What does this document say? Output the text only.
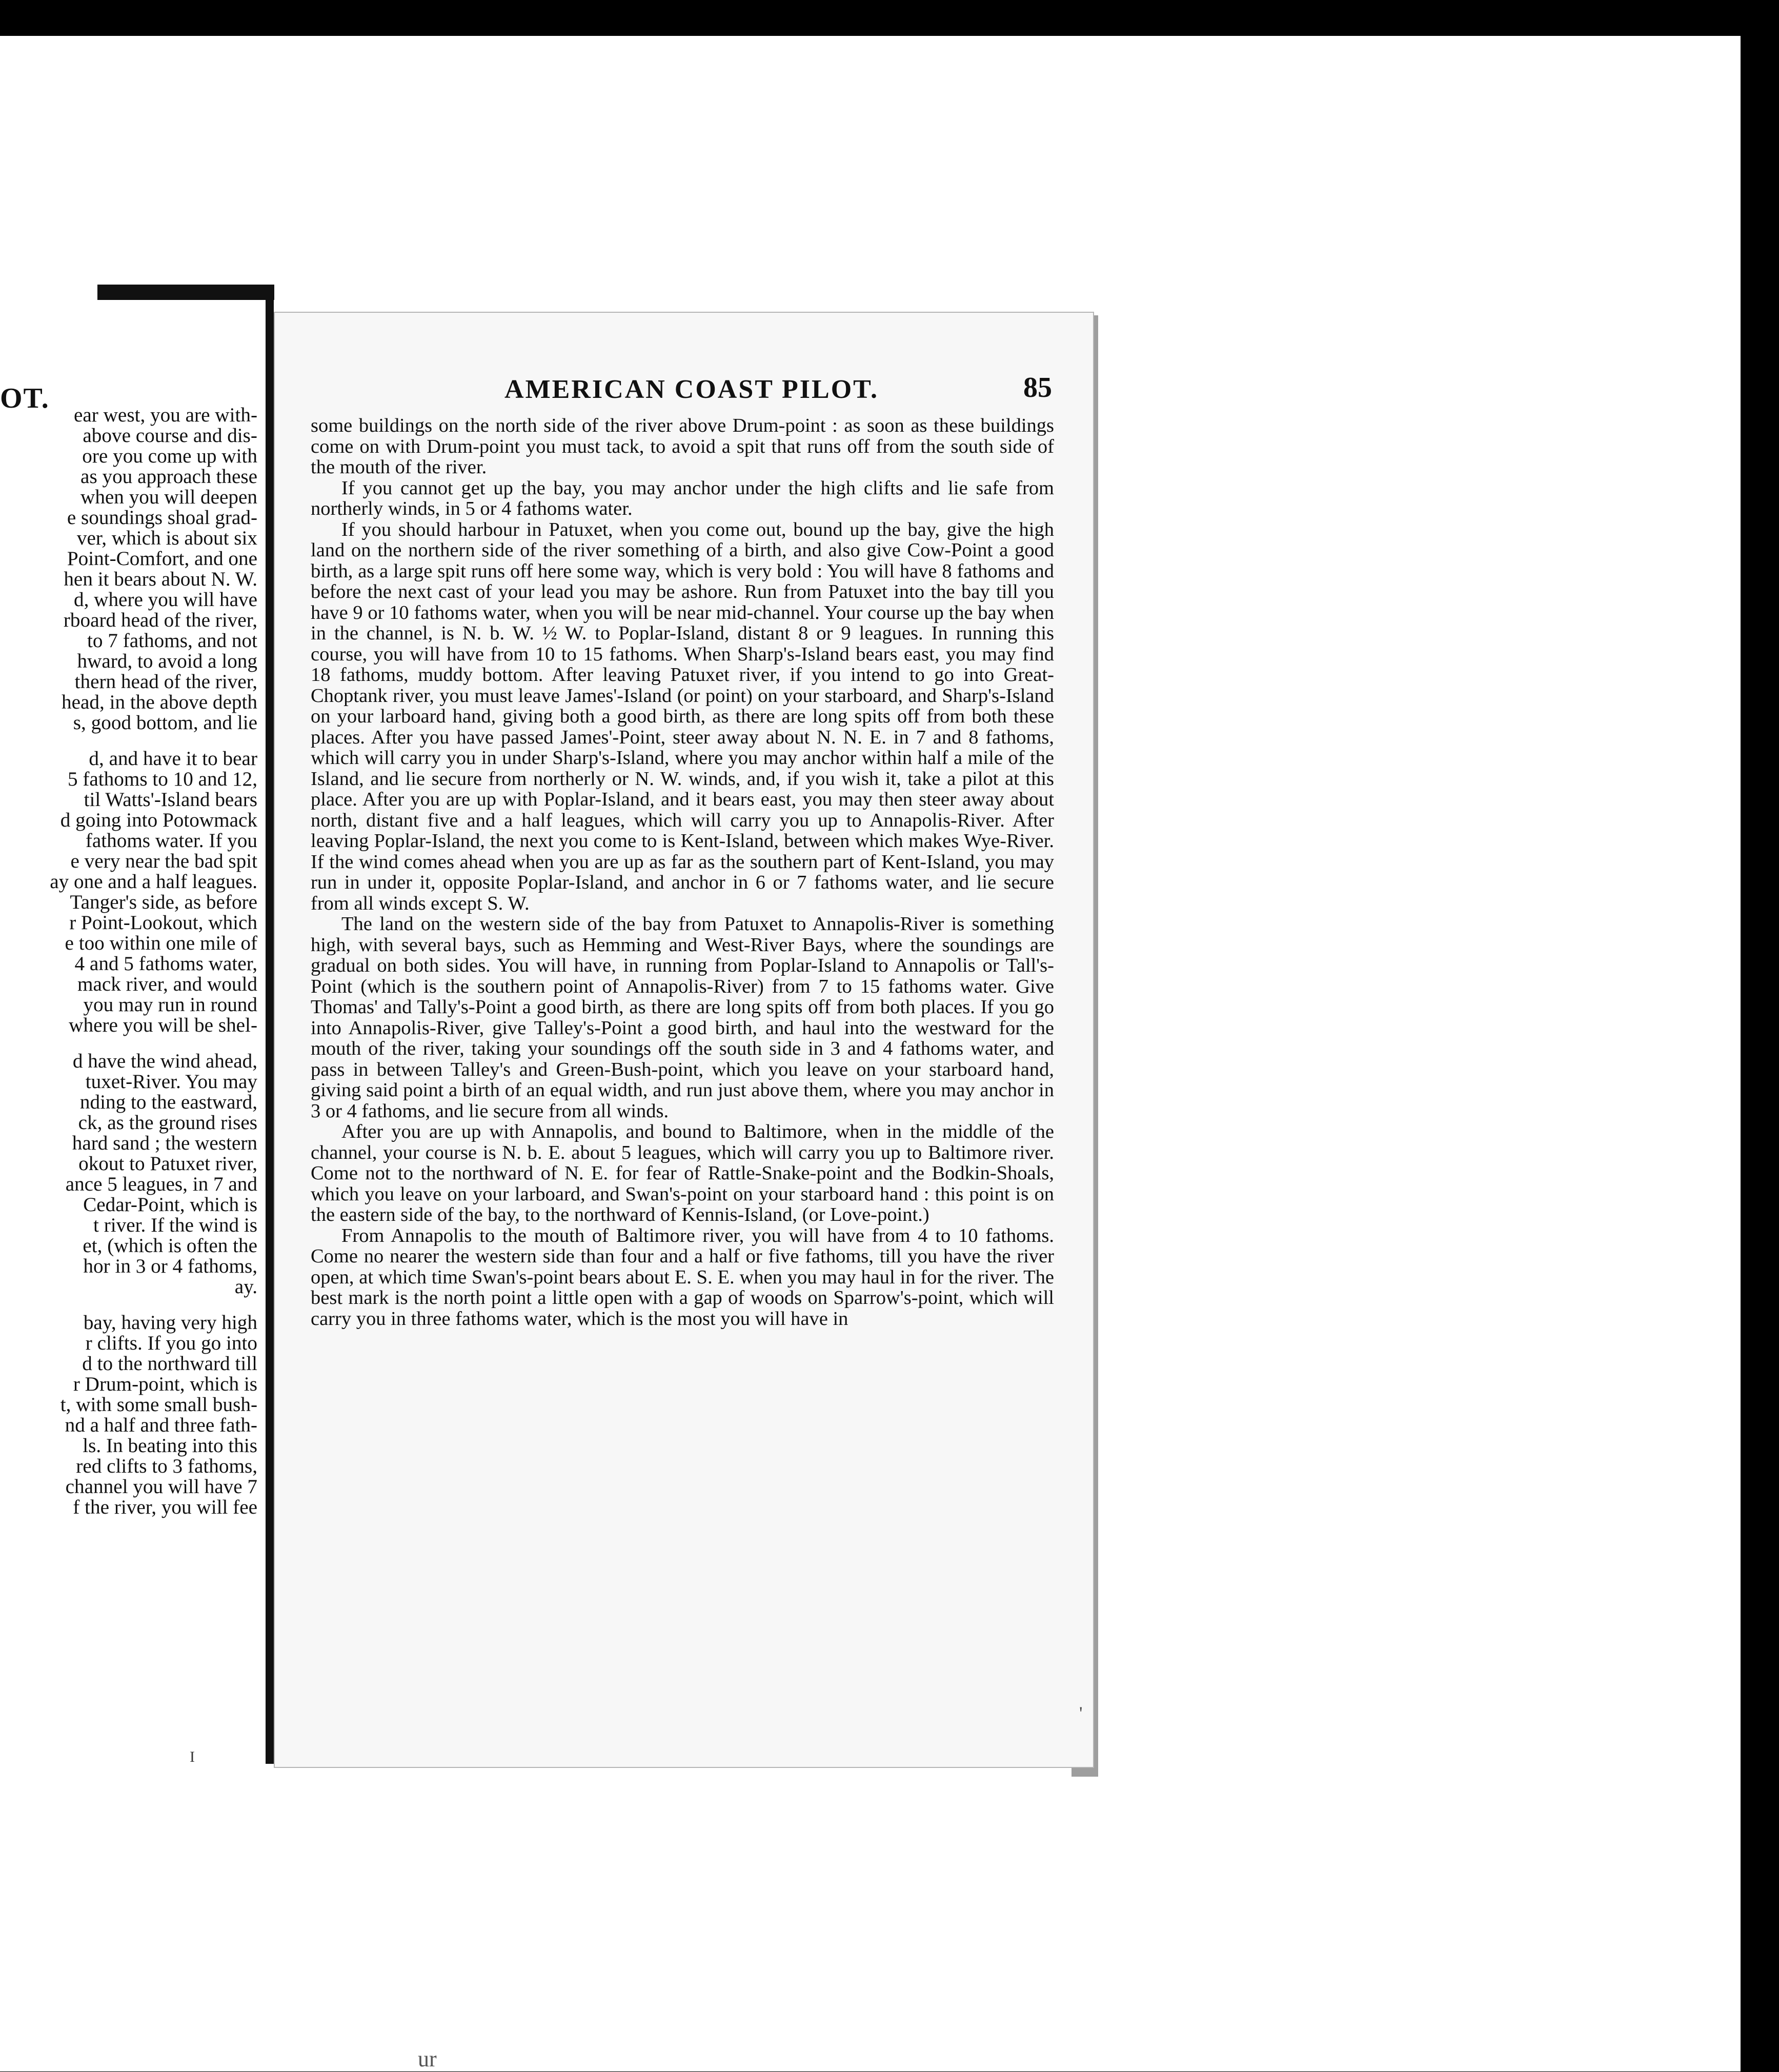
OT.
ear west, you are with-
above course and dis-
ore you come up with
as you approach these
when you will deepen
e soundings shoal grad-
ver, which is about six
Point-Comfort, and one
hen it bears about N. W.
d, where you will have
rboard head of the river,
to 7 fathoms, and not
hward, to avoid a long
thern head of the river,
head, in the above depth
s, good bottom, and lie
d, and have it to bear
5 fathoms to 10 and 12,
til Watts'-Island bears
d going into Potowmack
fathoms water. If you
e very near the bad spit
ay one and a half leagues.
Tanger's side, as before
r Point-Lookout, which
e too within one mile of
4 and 5 fathoms water,
mack river, and would
you may run in round
where you will be shel-
d have the wind ahead,
tuxet-River. You may
nding to the eastward,
ck, as the ground rises
hard sand ; the western
okout to Patuxet river,
ance 5 leagues, in 7 and
Cedar-Point, which is
t river. If the wind is
et, (which is often the
hor in 3 or 4 fathoms,
ay.
bay, having very high
r clifts. If you go into
d to the northward till
r Drum-point, which is
t, with some small bush-
nd a half and three fath-
ls. In beating into this
red clifts to 3 fathoms,
channel you will have 7
f the river, you will fee
I
AMERICAN COAST PILOT.	85

some buildings on the north side of the river above Drum-point : as soon as these buildings come on with Drum-point you must tack, to avoid a spit that runs off from the south side of the mouth of the river.

If you cannot get up the bay, you may anchor under the high clifts and lie safe from northerly winds, in 5 or 4 fathoms water.

If you should harbour in Patuxet, when you come out, bound up the bay, give the high land on the northern side of the river something of a birth, and also give Cow-Point a good birth, as a large spit runs off here some way, which is very bold : You will have 8 fathoms and before the next cast of your lead you may be ashore. Run from Patuxet into the bay till you have 9 or 10 fathoms water, when you will be near mid-channel. Your course up the bay when in the channel, is N. b. W. ½ W. to Poplar-Island, distant 8 or 9 leagues. In running this course, you will have from 10 to 15 fathoms. When Sharp's-Island bears east, you may find 18 fathoms, muddy bottom. After leaving Patuxet river, if you intend to go into Great-Choptank river, you must leave James'-Island (or point) on your starboard, and Sharp's-Island on your larboard hand, giving both a good birth, as there are long spits off from both these places. After you have passed James'-Point, steer away about N. N. E. in 7 and 8 fathoms, which will carry you in under Sharp's-Island, where you may anchor within half a mile of the Island, and lie secure from northerly or N. W. winds, and, if you wish it, take a pilot at this place. After you are up with Poplar-Island, and it bears east, you may then steer away about north, distant five and a half leagues, which will carry you up to Annapolis-River. After leaving Poplar-Island, the next you come to is Kent-Island, between which makes Wye-River. If the wind comes ahead when you are up as far as the southern part of Kent-Island, you may run in under it, opposite Poplar-Island, and anchor in 6 or 7 fathoms water, and lie secure from all winds except S. W.

The land on the western side of the bay from Patuxet to Annapolis-River is something high, with several bays, such as Hemming and West-River Bays, where the soundings are gradual on both sides. You will have, in running from Poplar-Island to Annapolis or Tall's-Point (which is the southern point of Annapolis-River) from 7 to 15 fathoms water. Give Thomas' and Tally's-Point a good birth, as there are long spits off from both places. If you go into Annapolis-River, give Talley's-Point a good birth, and haul into the westward for the mouth of the river, taking your soundings off the south side in 3 and 4 fathoms water, and pass in between Talley's and Green-Bush-point, which you leave on your starboard hand, giving said point a birth of an equal width, and run just above them, where you may anchor in 3 or 4 fathoms, and lie secure from all winds.

After you are up with Annapolis, and bound to Baltimore, when in the middle of the channel, your course is N. b. E. about 5 leagues, which will carry you up to Baltimore river. Come not to the northward of N. E. for fear of Rattle-Snake-point and the Bodkin-Shoals, which you leave on your larboard, and Swan's-point on your starboard hand : this point is on the eastern side of the bay, to the northward of Kennis-Island, (or Love-point.)

From Annapolis to the mouth of Baltimore river, you will have from 4 to 10 fathoms. Come no nearer the western side than four and a half or five fathoms, till you have the river open, at which time Swan's-point bears about E. S. E. when you may haul in for the river. The best mark is the north point a little open with a gap of woods on Sparrow's-point, which will carry you in three fathoms water, which is the most you will have in

'
ur
